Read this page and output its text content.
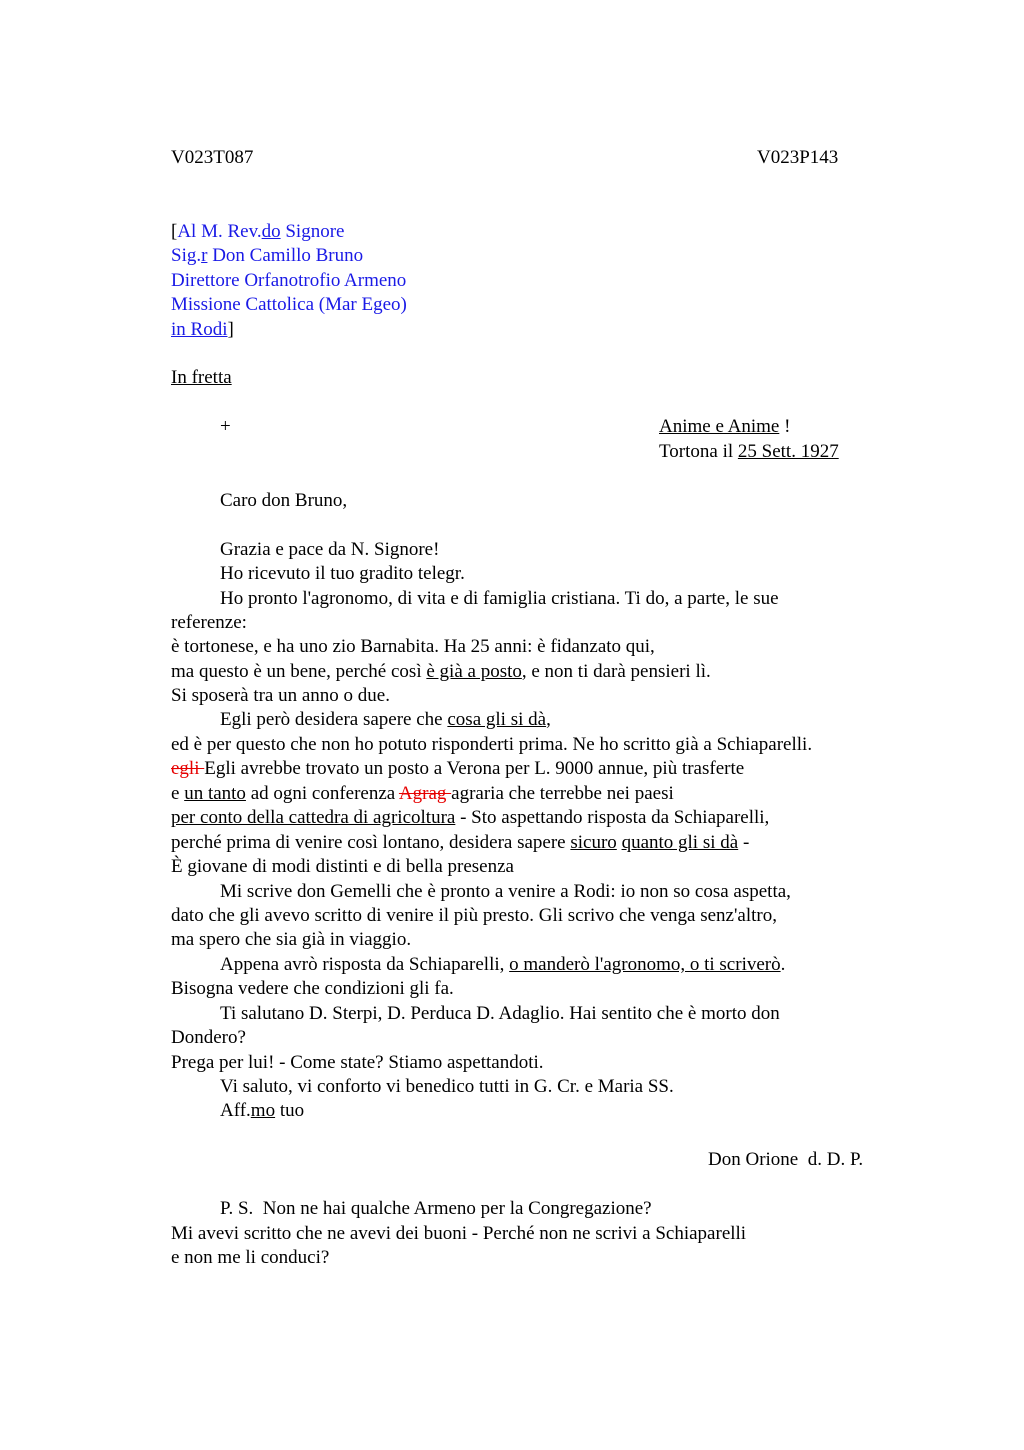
V023T087	V023P143
[Al M. Rev.do Signore
Sig.r Don Camillo Bruno
Direttore Orfanotrofio Armeno
Missione Cattolica (Mar Egeo)
in Rodi]
In fretta
+	Anime e Anime !
Tortona il 25 Sett. 1927
Caro don Bruno,
Grazia e pace da N. Signore!
Ho ricevuto il tuo gradito telegr.
Ho pronto l'agronomo, di vita e di famiglia cristiana. Ti do, a parte, le sue
referenze:
è tortonese, e ha uno zio Barnabita. Ha 25 anni: è fidanzato qui,
ma questo è un bene, perché così è già a posto, e non ti darà pensieri lì.
Si sposerà tra un anno o due.
Egli però desidera sapere che cosa gli si dà,
ed è per questo che non ho potuto risponderti prima. Ne ho scritto già a Schiaparelli.
egli Egli avrebbe trovato un posto a Verona per L. 9000 annue, più trasferte
e un tanto ad ogni conferenza Agrag agraria che terrebbe nei paesi
per conto della cattedra di agricoltura - Sto aspettando risposta da Schiaparelli,
perché prima di venire così lontano, desidera sapere sicuro quanto gli si dà -
È giovane di modi distinti e di bella presenza
Mi scrive don Gemelli che è pronto a venire a Rodi: io non so cosa aspetta,
dato che gli avevo scritto di venire il più presto. Gli scrivo che venga senz'altro,
ma spero che sia già in viaggio.
Appena avrò risposta da Schiaparelli, o manderò l'agronomo, o ti scriverò.
Bisogna vedere che condizioni gli fa.
Ti salutano D. Sterpi, D. Perduca D. Adaglio. Hai sentito che è morto don
Dondero?
Prega per lui! - Come state? Stiamo aspettandoti.
Vi saluto, vi conforto vi benedico tutti in G. Cr. e Maria SS.
Aff.mo tuo
Don Orione  d. D. P.
P. S.  Non ne hai qualche Armeno per la Congregazione?
Mi avevi scritto che ne avevi dei buoni - Perché non ne scrivi a Schiaparelli
e non me li conduci?
